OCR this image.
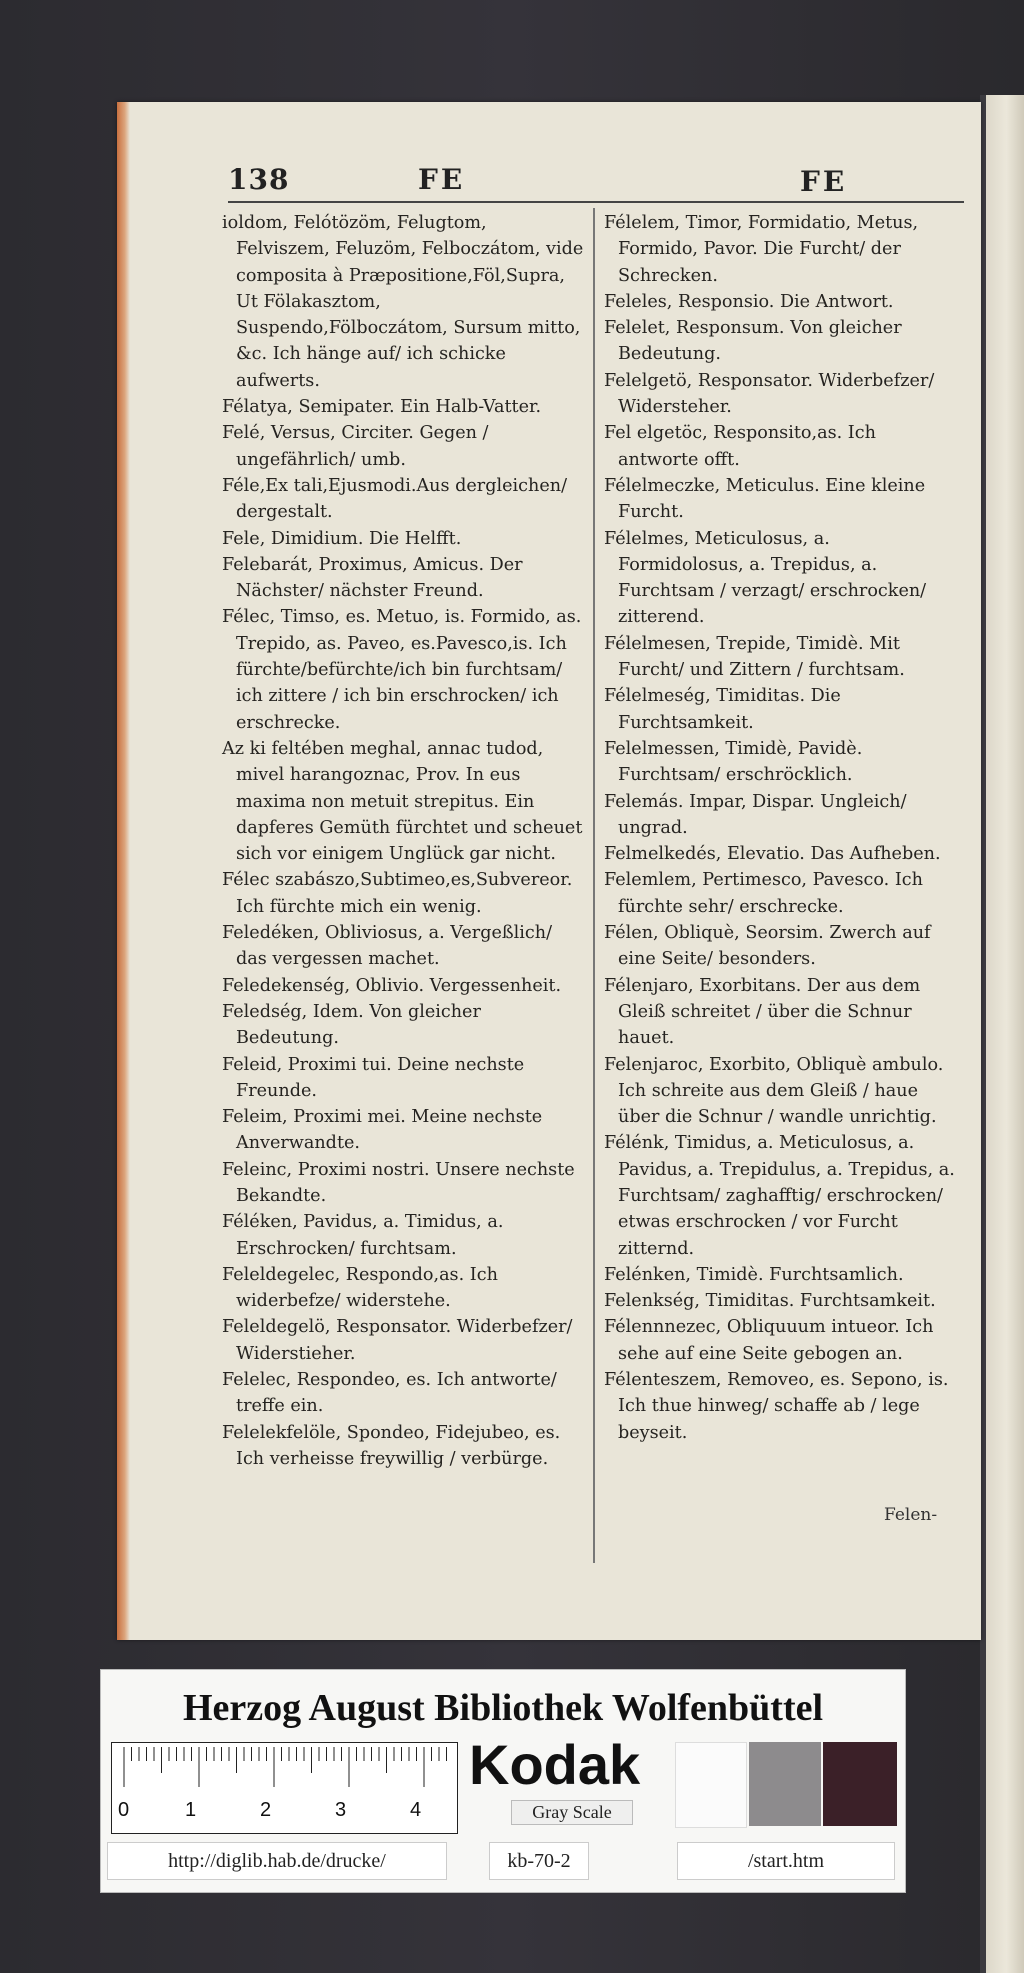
138	FE	FE

ioldom, Felótözöm, Felugtom, Felviszem, Feluzöm, Felboczátom, vide composita à Præpositione,Föl,Supra, Ut Fölakasztom, Suspendo,Fölboczátom, Sursum mitto, &c. Ich hänge auf/ ich schicke aufwerts.

Félatya, Semipater. Ein Halb-Vatter.

Felé, Versus, Circiter. Gegen / ungefährlich/ umb.

Féle,Ex tali,Ejusmodi.Aus dergleichen/ dergestalt.

Fele, Dimidium. Die Helfft.

Felebarát, Proximus, Amicus. Der Nächster/ nächster Freund.

Félec, Timso, es. Metuo, is. Formido, as. Trepido, as. Paveo, es.Pavesco,is. Ich fürchte/befürchte/ich bin furchtsam/ ich zittere / ich bin erschrocken/ ich erschrecke.

Az ki feltében meghal, annac tudod, mivel harangoznac, Prov. In eus maxima non metuit strepitus. Ein dapferes Gemüth fürchtet und scheuet sich vor einigem Unglück gar nicht.

Félec szabászo,Subtimeo,es,Subvereor. Ich fürchte mich ein wenig.

Feledéken, Obliviosus, a. Vergeßlich/ das vergessen machet.

Feledekenség, Oblivio. Vergessenheit.

Feledség, Idem. Von gleicher Bedeutung.

Feleid, Proximi tui. Deine nechste Freunde.

Feleim, Proximi mei. Meine nechste Anverwandte.

Feleinc, Proximi nostri. Unsere nechste Bekandte.

Féléken, Pavidus, a. Timidus, a. Erschrocken/ furchtsam.

Feleldegelec, Respondo,as. Ich widerbefze/ widerstehe.

Feleldegelö, Responsator. Widerbefzer/ Widerstieher.

Felelec, Respondeo, es. Ich antworte/ treffe ein.

Felelekfelöle, Spondeo, Fidejubeo, es. Ich verheisse freywillig / verbürge.

Félelem, Timor, Formidatio, Metus, Formido, Pavor. Die Furcht/ der Schrecken.

Feleles, Responsio. Die Antwort.

Felelet, Responsum. Von gleicher Bedeutung.

Felelgetö, Responsator. Widerbefzer/ Widersteher.

Fel elgetöc, Responsito,as. Ich antworte offt.

Félelmeczke, Meticulus. Eine kleine Furcht.

Félelmes, Meticulosus, a. Formidolosus, a. Trepidus, a. Furchtsam / verzagt/ erschrocken/ zitterend.

Félelmesen, Trepide, Timidè. Mit Furcht/ und Zittern / furchtsam.

Félelmeség, Timiditas. Die Furchtsamkeit.

Felelmessen, Timidè, Pavidè. Furchtsam/ erschröcklich.

Felemás. Impar, Dispar. Ungleich/ ungrad.

Felmelkedés, Elevatio. Das Aufheben.

Felemlem, Pertimesco, Pavesco. Ich fürchte sehr/ erschrecke.

Félen, Obliquè, Seorsim. Zwerch auf eine Seite/ besonders.

Félenjaro, Exorbitans. Der aus dem Gleiß schreitet / über die Schnur hauet.

Felenjaroc, Exorbito, Obliquè ambulo. Ich schreite aus dem Gleiß / haue über die Schnur / wandle unrichtig.

Félénk, Timidus, a. Meticulosus, a. Pavidus, a. Trepidulus, a. Trepidus, a. Furchtsam/ zaghafftig/ erschrocken/ etwas erschrocken / vor Furcht zitternd.

Felénken, Timidè. Furchtsamlich.

Felenkség, Timiditas. Furchtsamkeit.

Félennnezec, Obliquuum intueor. Ich sehe auf eine Seite gebogen an.

Félenteszem, Removeo, es. Sepono, is. Ich thue hinweg/ schaffe ab / lege beyseit.

Felen-
Herzog August Bibliothek Wolfenbüttel
0	1	2	3	4
Kodak
Gray Scale
http://diglib.hab.de/drucke/	kb-70-2	/start.htm
